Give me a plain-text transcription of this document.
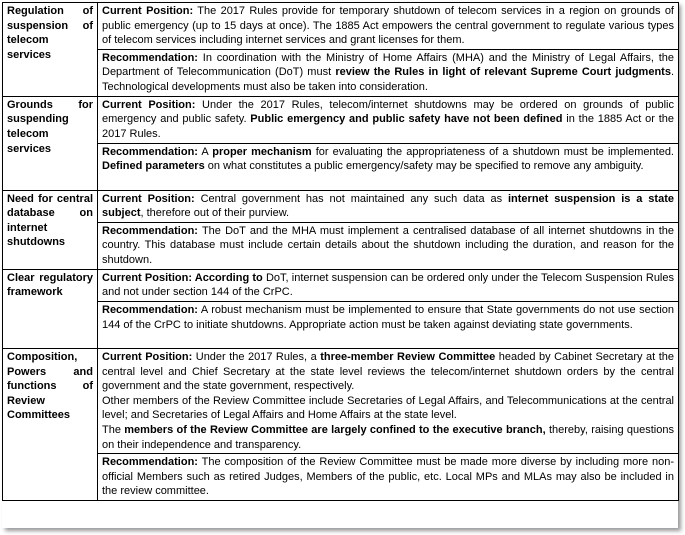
Regulation of suspension of telecom services	Current Position: The 2017 Rules provide for temporary shutdown of telecom services in a region on grounds of public emergency (up to 15 days at once). The 1885 Act empowers the central government to regulate various types of telecom services including internet services and grant licenses for them.
	Recommendation: In coordination with the Ministry of Home Affairs (MHA) and the Ministry of Legal Affairs, the Department of Telecommunication (DoT) must review the Rules in light of relevant Supreme Court judgments. Technological developments must also be taken into consideration.
Grounds for suspending telecom services	Current Position: Under the 2017 Rules, telecom/internet shutdowns may be ordered on grounds of public emergency and public safety. Public emergency and public safety have not been defined in the 1885 Act or the 2017 Rules.
	Recommendation: A proper mechanism for evaluating the appropriateness of a shutdown must be implemented. Defined parameters on what constitutes a public emergency/safety may be specified to remove any ambiguity.
Need for central database on internet shutdowns	Current Position: Central government has not maintained any such data as internet suspension is a state subject, therefore out of their purview.
	Recommendation: The DoT and the MHA must implement a centralised database of all internet shutdowns in the country. This database must include certain details about the shutdown including the duration, and reason for the shutdown.
Clear regulatory framework	Current Position: According to DoT, internet suspension can be ordered only under the Telecom Suspension Rules and not under section 144 of the CrPC.
	Recommendation: A robust mechanism must be implemented to ensure that State governments do not use section 144 of the CrPC to initiate shutdowns. Appropriate action must be taken against deviating state governments.
Composition, Powers and functions of Review Committees	Current Position: Under the 2017 Rules, a three-member Review Committee headed by Cabinet Secretary at the central level and Chief Secretary at the state level reviews the telecom/internet shutdown orders by the central government and the state government, respectively.

Other members of the Review Committee include Secretaries of Legal Affairs, and Telecommunications at the central level; and Secretaries of Legal Affairs and Home Affairs at the state level.

The members of the Review Committee are largely confined to the executive branch, thereby, raising questions on their independence and transparency.

	Recommendation: The composition of the Review Committee must be made more diverse by including more non-official Members such as retired Judges, Members of the public, etc. Local MPs and MLAs may also be included in the review committee.
